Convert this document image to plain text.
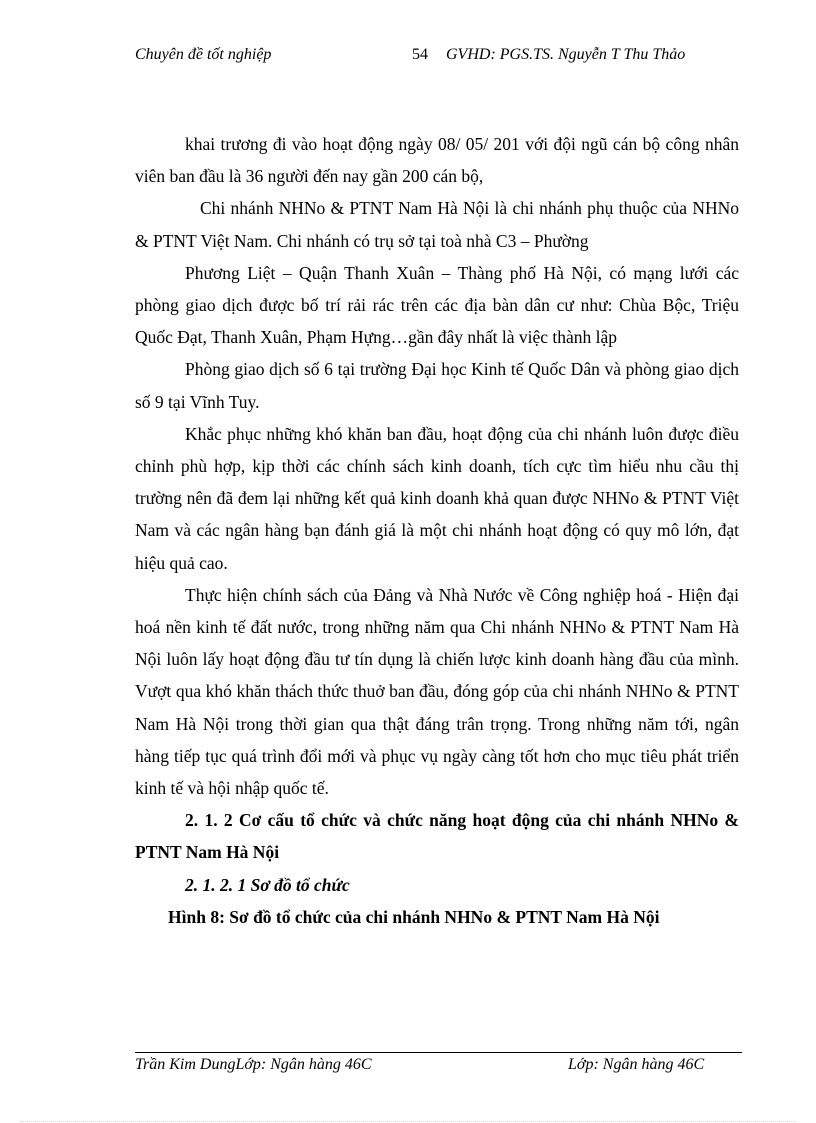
Chuyên đề tốt nghiệp	54 GVHD: PGS.TS. Nguyễn T Thu Thảo

khai trương đi vào hoạt động ngày 08/ 05/ 201 với đội ngũ cán bộ công nhân viên ban đầu là 36 người đến nay gần 200 cán bộ,

Chi nhánh NHNo & PTNT Nam Hà Nội là chi nhánh phụ thuộc của NHNo & PTNT Việt Nam. Chi nhánh có trụ sở tại toà nhà C3 – Phường

Phương Liệt – Quận Thanh Xuân – Thàng phố Hà Nội, có mạng lưới các phòng giao dịch được bố trí rải rác trên các địa bàn dân cư như: Chùa Bộc, Triệu Quốc Đạt, Thanh Xuân, Phạm Hựng…gần đây nhất là việc thành lập

Phòng giao dịch số 6 tại trường Đại học Kinh tế Quốc Dân và phòng giao dịch số 9 tại Vĩnh Tuy.

Khắc phục những khó khăn ban đầu, hoạt động của chi nhánh luôn được điều chỉnh phù hợp, kịp thời các chính sách kinh doanh, tích cực tìm hiểu nhu cầu thị trường nên đã đem lại những kết quả kinh doanh khả quan được NHNo & PTNT Việt Nam và các ngân hàng bạn đánh giá là một chi nhánh hoạt động có quy mô lớn, đạt hiệu quả cao.

Thực hiện chính sách của Đảng và Nhà Nước về Công nghiệp hoá - Hiện đại hoá nền kinh tế đất nước, trong những năm qua Chi nhánh NHNo & PTNT Nam Hà Nội luôn lấy hoạt động đầu tư tín dụng là chiến lược kinh doanh hàng đầu của mình. Vượt qua khó khăn thách thức thuở ban đầu, đóng góp của chi nhánh NHNo & PTNT Nam Hà Nội trong thời gian qua thật đáng trân trọng. Trong những năm tới, ngân hàng tiếp tục quá trình đổi mới và phục vụ ngày càng tốt hơn cho mục tiêu phát triển kinh tế và hội nhập quốc tế.

2. 1. 2 Cơ cấu tổ chức và chức năng hoạt động của chi nhánh NHNo & PTNT Nam Hà Nội

2. 1. 2. 1 Sơ đồ tổ chức

Hình 8: Sơ đồ tổ chức của chi nhánh NHNo & PTNT Nam Hà Nội

Trần Kim DungLớp: Ngân hàng 46C	Lớp: Ngân hàng 46C
